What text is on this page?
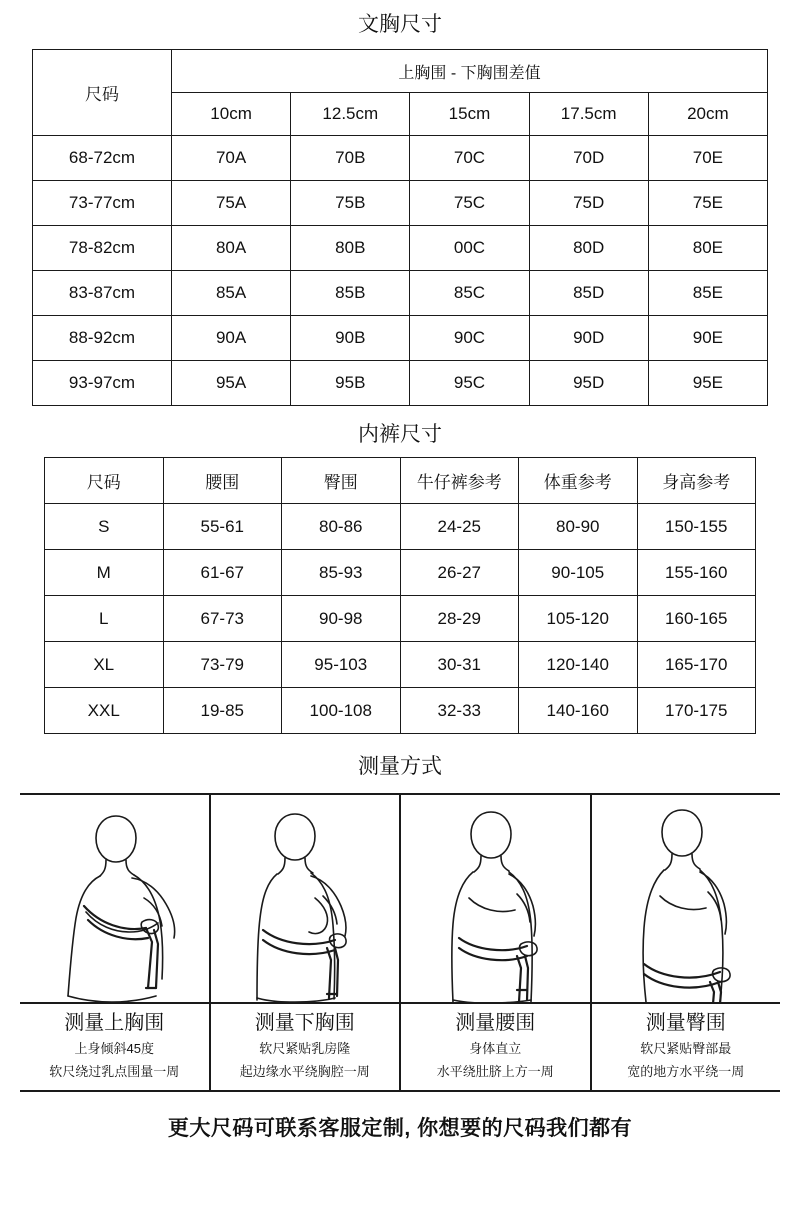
文胸尺寸
尺码	上胸围 - 下胸围差值				
	10cm	12.5cm	15cm	17.5cm	20cm
68-72cm	70A	70B	70C	70D	70E
73-77cm	75A	75B	75C	75D	75E
78-82cm	80A	80B	00C	80D	80E
83-87cm	85A	85B	85C	85D	85E
88-92cm	90A	90B	90C	90D	90E
93-97cm	95A	95B	95C	95D	95E
内裤尺寸
尺码	腰围	臀围	牛仔裤参考	体重参考	身高参考
S	55-61	80-86	24-25	80-90	150-155
M	61-67	85-93	26-27	90-105	155-160
L	67-73	90-98	28-29	105-120	160-165
XL	73-79	95-103	30-31	120-140	165-170
XXL	19-85	100-108	32-33	140-160	170-175
测量方式
测量上胸围
上身倾斜45度
软尺绕过乳点围量一周
测量下胸围
软尺紧贴乳房隆
起边缘水平绕胸腔一周
测量腰围
身体直立
水平绕肚脐上方一周
测量臀围
软尺紧贴臀部最
宽的地方水平绕一周
更大尺码可联系客服定制, 你想要的尺码我们都有
